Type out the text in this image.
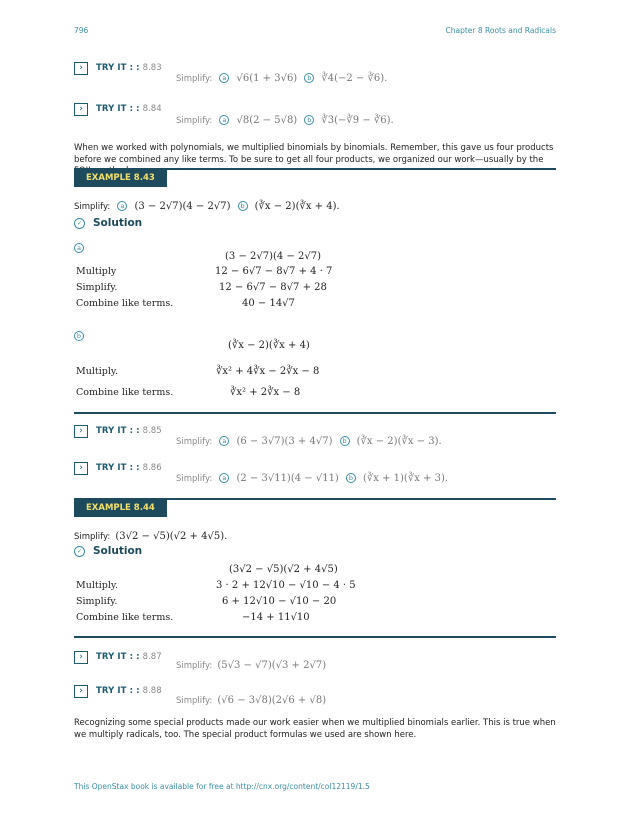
796	Chapter 8 Roots and Radicals
›	TRY IT : : 8.83
Simplify: a √6(1 + 3√6) b ∛4(−2 − ∛6).
›	TRY IT : : 8.84
Simplify: a √8(2 − 5√8) b ∛3(−∛9 − ∛6).
When we worked with polynomials, we multiplied binomials by binomials. Remember, this gave us four products before we combined any like terms. To be sure to get all four products, we organized our work—usually by the
EXAMPLE 8.43
Simplify: a (3 − 2√7)(4 − 2√7) b (∛x − 2)(∛x + 4).
✓ Solution
a
(3 − 2√7)(4 − 2√7)
Multiply	12 − 6√7 − 8√7 + 4 · 7
Simplify.	12 − 6√7 − 8√7 + 28
Combine like terms.	40 − 14√7
b
(∛x − 2)(∛x + 4)
Multiply.	∛x² + 4∛x − 2∛x − 8
Combine like terms.	∛x² + 2∛x − 8
›	TRY IT : : 8.85
Simplify: a (6 − 3√7)(3 + 4√7) b (∛x − 2)(∛x − 3).
›	TRY IT : : 8.86
Simplify: a (2 − 3√11)(4 − √11) b (∛x + 1)(∛x + 3).
EXAMPLE 8.44
Simplify: (3√2 − √5)(√2 + 4√5).
✓ Solution
(3√2 − √5)(√2 + 4√5)
Multiply.	3 · 2 + 12√10 − √10 − 4 · 5
Simplify.	6 + 12√10 − √10 − 20
Combine like terms.	−14 + 11√10
›	TRY IT : : 8.87
Simplify: (5√3 − √7)(√3 + 2√7)
›	TRY IT : : 8.88
Simplify: (√6 − 3√8)(2√6 + √8)
Recognizing some special products made our work easier when we multiplied binomials earlier. This is true when we multiply radicals, too. The special product formulas we used are shown here.
This OpenStax book is available for free at http://cnx.org/content/col12119/1.5
